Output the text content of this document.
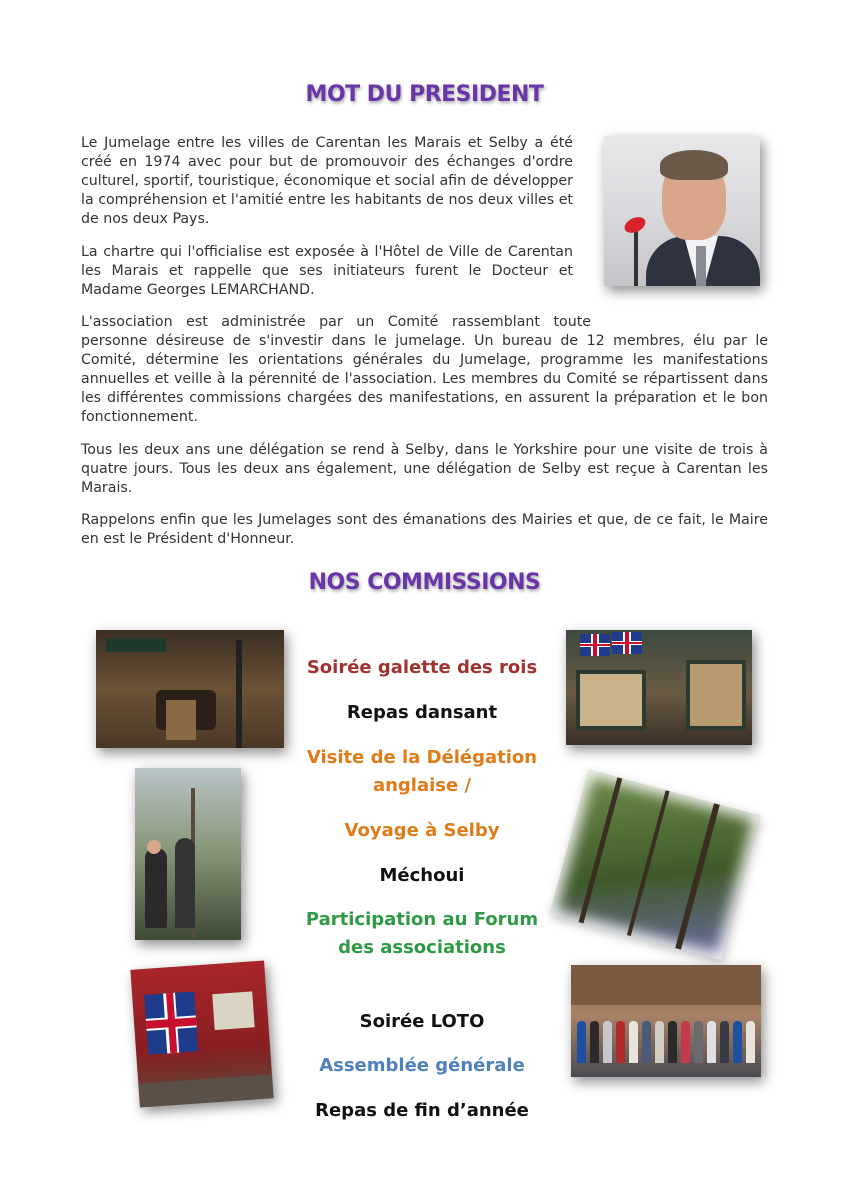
MOT DU PRESIDENT

Le Jumelage entre les villes de Carentan les Marais et Selby a été créé en 1974 avec pour but de promouvoir des échanges d'ordre culturel, sportif, touristique, économique et social afin de développer la compréhension et l'amitié entre les habitants de nos deux villes et de nos deux Pays.

La chartre qui l'officialise est exposée à l'Hôtel de Ville de Carentan les Marais et rappelle que ses initiateurs furent le Docteur et Madame Georges LEMARCHAND.

L'association est administrée par un Comité rassemblant toute
personne désireuse de s'investir dans le jumelage. Un bureau de 12 membres, élu par le Comité, détermine les orientations générales du Jumelage, programme les manifestations annuelles et veille à la pérennité de l'association. Les membres du Comité se répartissent dans les différentes commissions chargées des manifestations, en assurent la préparation et le bon fonctionnement.

Tous les deux ans une délégation se rend à Selby, dans le Yorkshire pour une visite de trois à quatre jours. Tous les deux ans également, une délégation de Selby est reçue à Carentan les Marais.

Rappelons enfin que les Jumelages sont des émanations des Mairies et que, de ce fait, le Maire en est le Président d'Honneur.

NOS COMMISSIONS
Soirée galette des rois
Repas dansant
Visite de la Délégation anglaise /
Voyage à Selby
Méchoui
Participation au Forum des associations
Soirée LOTO
Assemblée générale
Repas de fin d’année
